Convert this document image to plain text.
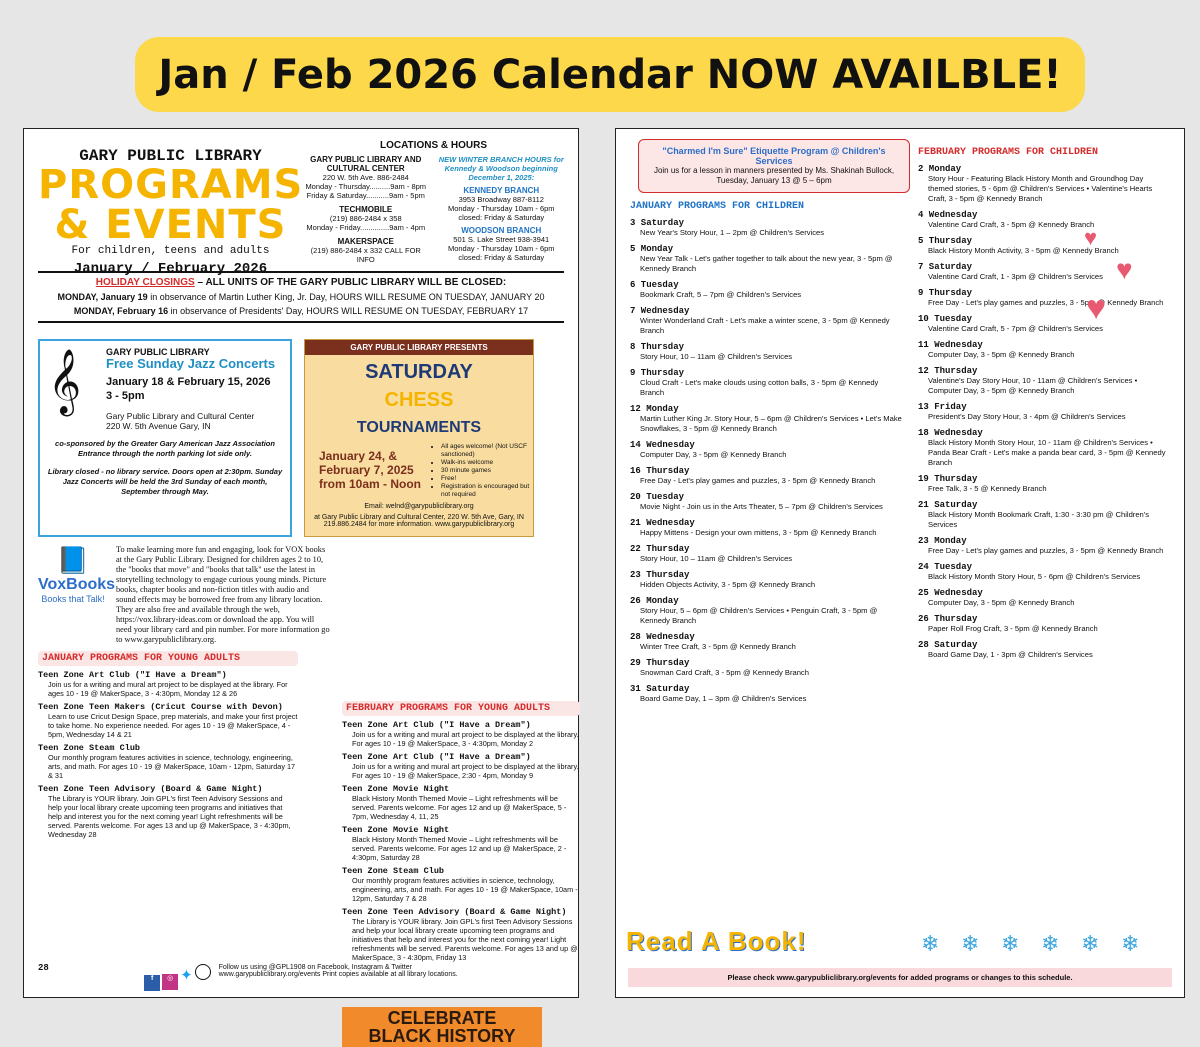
Jan / Feb 2026 Calendar NOW AVAILBLE!
GARY PUBLIC LIBRARY
PROGRAMS
& EVENTS
For children, teens and adults
January / February 2026
LOCATIONS & HOURS
GARY PUBLIC LIBRARY AND CULTURAL CENTER
220 W. 5th Ave. 886-2484
Monday - Thursday..........9am - 8pm
Friday & Saturday...........9am - 5pm
TECHMOBILE
(219) 886-2484 x 358
Monday - Friday..............9am - 4pm
MAKERSPACE
(219) 886-2484 x 332 CALL FOR INFO
NEW WINTER BRANCH HOURS for Kennedy & Woodson beginning December 1, 2025:
KENNEDY BRANCH
3953 Broadway 887-8112
Monday - Thursday 10am - 6pm
closed: Friday & Saturday
WOODSON BRANCH
501 S. Lake Street 938-3941
Monday - Thursday 10am - 6pm
closed: Friday & Saturday
HOLIDAY CLOSINGS – ALL UNITS OF THE GARY PUBLIC LIBRARY WILL BE CLOSED:
MONDAY, January 19 in observance of Martin Luther King, Jr. Day, HOURS WILL RESUME ON TUESDAY, JANUARY 20
MONDAY, February 16 in observance of Presidents' Day, HOURS WILL RESUME ON TUESDAY, FEBRUARY 17
𝄞	GARY PUBLIC LIBRARY
Free Sunday Jazz Concerts
January 18 & February 15, 2026
3 - 5pm
Gary Public Library and Cultural Center
220 W. 5th Avenue Gary, IN
co-sponsored by the Greater Gary American Jazz Association
Entrance through the north parking lot side only.
Library closed - no library service. Doors open at 2:30pm. Sunday Jazz Concerts will be held the 3rd Sunday of each month, September through May.
GARY PUBLIC LIBRARY PRESENTS
SATURDAY
CHESS
TOURNAMENTS
January 24, & February 7, 2025
from 10am - Noon
• All ages welcome! (Not USCF sanctioned)
• Walk-ins welcome
• 30 minute games
• Free!
• Registration is encouraged but not required
Email: welnd@garypubliclibrary.org
at Gary Public Library and Cultural Center, 220 W. 5th Ave, Gary, IN
219.886.2484 for more information. www.garypubliclibrary.org
📘
VoxBooks
Books that Talk!
To make learning more fun and engaging, look for VOX books at the Gary Public Library. Designed for children ages 2 to 10, the "books that move" and "books that talk" use the latest in storytelling technology to engage curious young minds. Picture books, chapter books and non-fiction titles with audio and sound effects may be borrowed free from any library location. They are also free and available through the web, https://vox.library-ideas.com or download the app. You will need your library card and pin number. For more information go to www.garypubliclibrary.org.
JANUARY PROGRAMS FOR YOUNG ADULTS
Teen Zone Art Club ("I Have a Dream")
Join us for a writing and mural art project to be displayed at the library. For ages 10 - 19 @ MakerSpace, 3 - 4:30pm, Monday 12 & 26
Teen Zone Teen Makers (Cricut Course with Devon)
Learn to use Cricut Design Space, prep materials, and make your first project to take home. No experience needed. For ages 10 - 19 @ MakerSpace, 4 - 5pm, Wednesday 14 & 21
Teen Zone Steam Club
Our monthly program features activities in science, technology, engineering, arts, and math. For ages 10 - 19 @ MakerSpace, 10am - 12pm, Saturday 17 & 31
Teen Zone Teen Advisory (Board & Game Night)
The Library is YOUR library. Join GPL's first Teen Advisory Sessions and help your local library create upcoming teen programs and initiatives that help and interest you for the next coming year! Light refreshments will be served. Parents welcome. For ages 13 and up @ MakerSpace, 3 - 4:30pm, Wednesday 28
FEBRUARY PROGRAMS FOR YOUNG ADULTS
Teen Zone Art Club ("I Have a Dream")
Join us for a writing and mural art project to be displayed at the library. For ages 10 - 19 @ MakerSpace, 3 - 4:30pm, Monday 2
Teen Zone Art Club ("I Have a Dream")
Join us for a writing and mural art project to be displayed at the library. For ages 10 - 19 @ MakerSpace, 2:30 - 4pm, Monday 9
Teen Zone Movie Night
Black History Month Themed Movie – Light refreshments will be served. Parents welcome. For ages 12 and up @ MakerSpace, 5 - 7pm, Wednesday 4, 11, 25
Teen Zone Movie Night
Black History Month Themed Movie – Light refreshments will be served. Parents welcome. For ages 12 and up @ MakerSpace, 2 - 4:30pm, Saturday 28
Teen Zone Steam Club
Our monthly program features activities in science, technology, engineering, arts, and math. For ages 10 - 19 @ MakerSpace, 10am - 12pm, Saturday 7 & 28
Teen Zone Teen Advisory (Board & Game Night)
The Library is YOUR library. Join GPL's first Teen Advisory Sessions and help your local library create upcoming teen programs and initiatives that help and interest you for the next coming year! Light refreshments will be served. Parents welcome. For ages 13 and up @ MakerSpace, 3 - 4:30pm, Friday 13
CELEBRATE
BLACK HISTORY
28
f ◎ ✦	Follow us using @GPL1908 on Facebook, Instagram & Twitter
www.garypubliclibrary.org/events Print copies available at all library locations.
"Charmed I'm Sure" Etiquette Program @ Children's Services
Join us for a lesson in manners presented by Ms. Shakinah Bullock, Tuesday, January 13 @ 5 – 6pm
JANUARY PROGRAMS FOR CHILDREN
3 Saturday
New Year's Story Hour, 1 – 2pm @ Children's Services
5 Monday
New Year Talk - Let's gather together to talk about the new year, 3 - 5pm @ Kennedy Branch
6 Tuesday
Bookmark Craft, 5 – 7pm @ Children's Services
7 Wednesday
Winter Wonderland Craft - Let's make a winter scene, 3 - 5pm @ Kennedy Branch
8 Thursday
Story Hour, 10 – 11am @ Children's Services
9 Thursday
Cloud Craft - Let's make clouds using cotton balls, 3 - 5pm @ Kennedy Branch
12 Monday
Martin Luther King Jr. Story Hour, 5 – 6pm @ Children's Services • Let's Make Snowflakes, 3 - 5pm @ Kennedy Branch
14 Wednesday
Computer Day, 3 - 5pm @ Kennedy Branch
16 Thursday
Free Day - Let's play games and puzzles, 3 - 5pm @ Kennedy Branch
20 Tuesday
Movie Night - Join us in the Arts Theater, 5 – 7pm @ Children's Services
21 Wednesday
Happy Mittens - Design your own mittens, 3 - 5pm @ Kennedy Branch
22 Thursday
Story Hour, 10 – 11am @ Children's Services
23 Thursday
Hidden Objects Activity, 3 - 5pm @ Kennedy Branch
26 Monday
Story Hour, 5 – 6pm @ Children's Services • Penguin Craft, 3 - 5pm @ Kennedy Branch
28 Wednesday
Winter Tree Craft, 3 - 5pm @ Kennedy Branch
29 Thursday
Snowman Card Craft, 3 - 5pm @ Kennedy Branch
31 Saturday
Board Game Day, 1 – 3pm @ Children's Services
FEBRUARY PROGRAMS FOR CHILDREN
2 Monday
Story Hour - Featuring Black History Month and Groundhog Day themed stories, 5 - 6pm @ Children's Services • Valentine's Hearts Craft, 3 - 5pm @ Kennedy Branch
4 Wednesday
Valentine Card Craft, 3 - 5pm @ Kennedy Branch
5 Thursday
Black History Month Activity, 3 - 5pm @ Kennedy Branch
7 Saturday
Valentine Card Craft, 1 - 3pm @ Children's Services
9 Thursday
Free Day - Let's play games and puzzles, 3 - 5pm @ Kennedy Branch
10 Tuesday
Valentine Card Craft, 5 - 7pm @ Children's Services
11 Wednesday
Computer Day, 3 - 5pm @ Kennedy Branch
12 Thursday
Valentine's Day Story Hour, 10 - 11am @ Children's Services • Computer Day, 3 - 5pm @ Kennedy Branch
13 Friday
President's Day Story Hour, 3 - 4pm @ Children's Services
18 Wednesday
Black History Month Story Hour, 10 - 11am @ Children's Services • Panda Bear Craft - Let's make a panda bear card, 3 - 5pm @ Kennedy Branch
19 Thursday
Free Talk, 3 - 5 @ Kennedy Branch
21 Saturday
Black History Month Bookmark Craft, 1:30 - 3:30 pm @ Children's Services
23 Monday
Free Day - Let's play games and puzzles, 3 - 5pm @ Kennedy Branch
24 Tuesday
Black History Month Story Hour, 5 - 6pm @ Children's Services
25 Wednesday
Computer Day, 3 - 5pm @ Kennedy Branch
26 Thursday
Paper Roll Frog Craft, 3 - 5pm @ Kennedy Branch
28 Saturday
Board Game Day, 1 - 3pm @ Children's Services
♥
♥
♥
Read A Book!	❄ ❄ ❄ ❄ ❄ ❄
Please check www.garypubliclibrary.org/events for added programs or changes to this schedule.
